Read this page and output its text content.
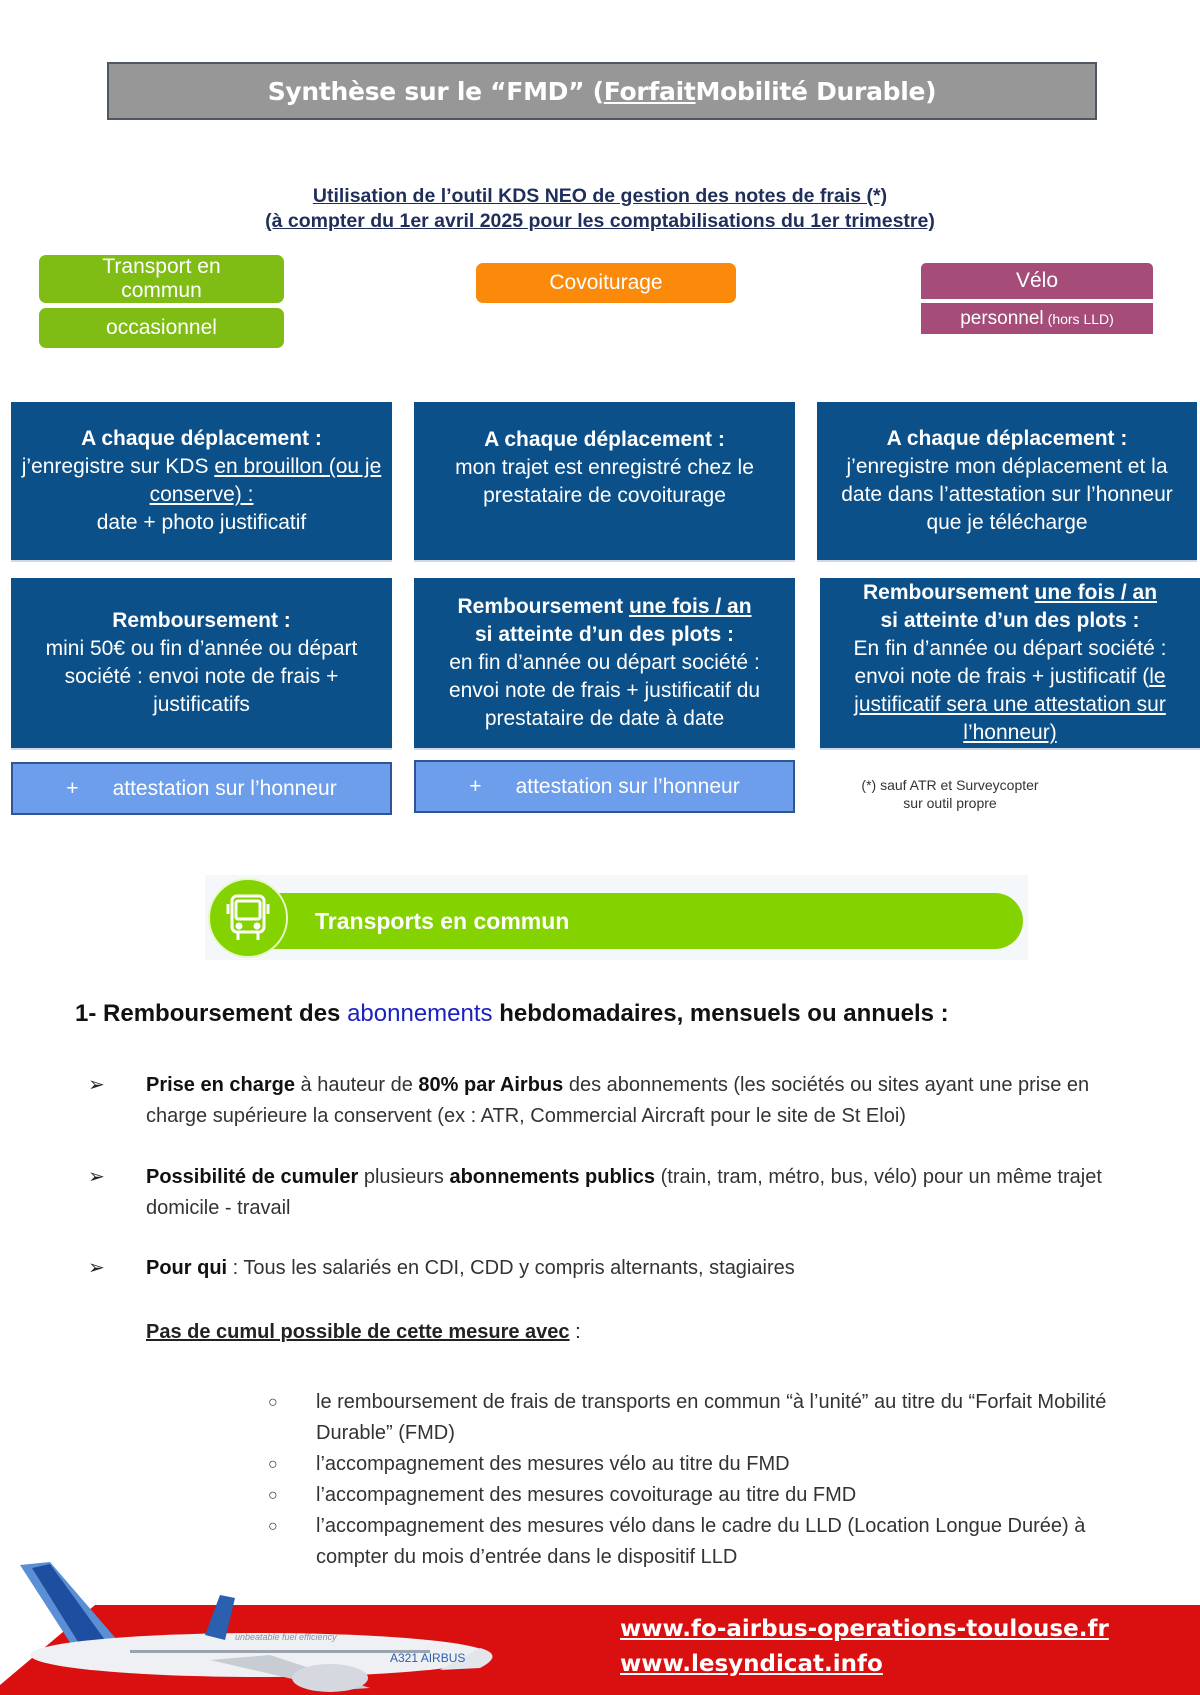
Synthèse sur le “FMD” ( Forfait Mobilité Durable)
Utilisation de l’outil KDS NEO de gestion des notes de frais (*)
(à compter du 1er avril 2025 pour les comptabilisations du 1er trimestre)
Transport en commun
occasionnel
Covoiturage	Vélo
personnel (hors LLD)
A chaque déplacement :
j’enregistre sur KDS en brouillon (ou je conserve) :
date + photo justificatif
Remboursement :
mini 50€ ou fin d’année ou départ société : envoi note de frais + justificatifs
+ attestation sur l’honneur
A chaque déplacement :
mon trajet est enregistré chez le prestataire de covoiturage
Remboursement une fois / an
si atteinte d’un des plots :
en fin d’année ou départ société : envoi note de frais + justificatif du prestataire de date à date
+ attestation sur l’honneur
A chaque déplacement :
j’enregistre mon déplacement et la date dans l’attestation sur l’honneur que je télécharge
Remboursement une fois / an
si atteinte d’un des plots :
En fin d’année ou départ société : envoi note de frais + justificatif (le justificatif sera une attestation sur l’honneur)
(*) sauf ATR et Surveycopter
sur outil propre
Transports en commun
1- Remboursement des abonnements hebdomadaires, mensuels ou annuels :
➢ Prise en charge à hauteur de 80% par Airbus des abonnements (les sociétés ou sites ayant une prise en charge supérieure la conservent (ex : ATR, Commercial Aircraft pour le site de St Eloi)
➢ Possibilité de cumuler plusieurs abonnements publics (train, tram, métro, bus, vélo) pour un même trajet domicile - travail
➢ Pour qui : Tous les salariés en CDI, CDD y compris alternants, stagiaires
Pas de cumul possible de cette mesure avec :
○ le remboursement de frais de transports en commun “à l’unité” au titre du “Forfait Mobilité Durable” (FMD)
○ l’accompagnement des mesures vélo au titre du FMD
○ l’accompagnement des mesures covoiturage au titre du FMD
○ l’accompagnement des mesures vélo dans le cadre du LLD (Location Longue Durée) à compter du mois d’entrée dans le dispositif LLD
A321 AIRBUS
unbeatable fuel efficiency	www.fo-airbus-operations-toulouse.fr
www.lesyndicat.info
